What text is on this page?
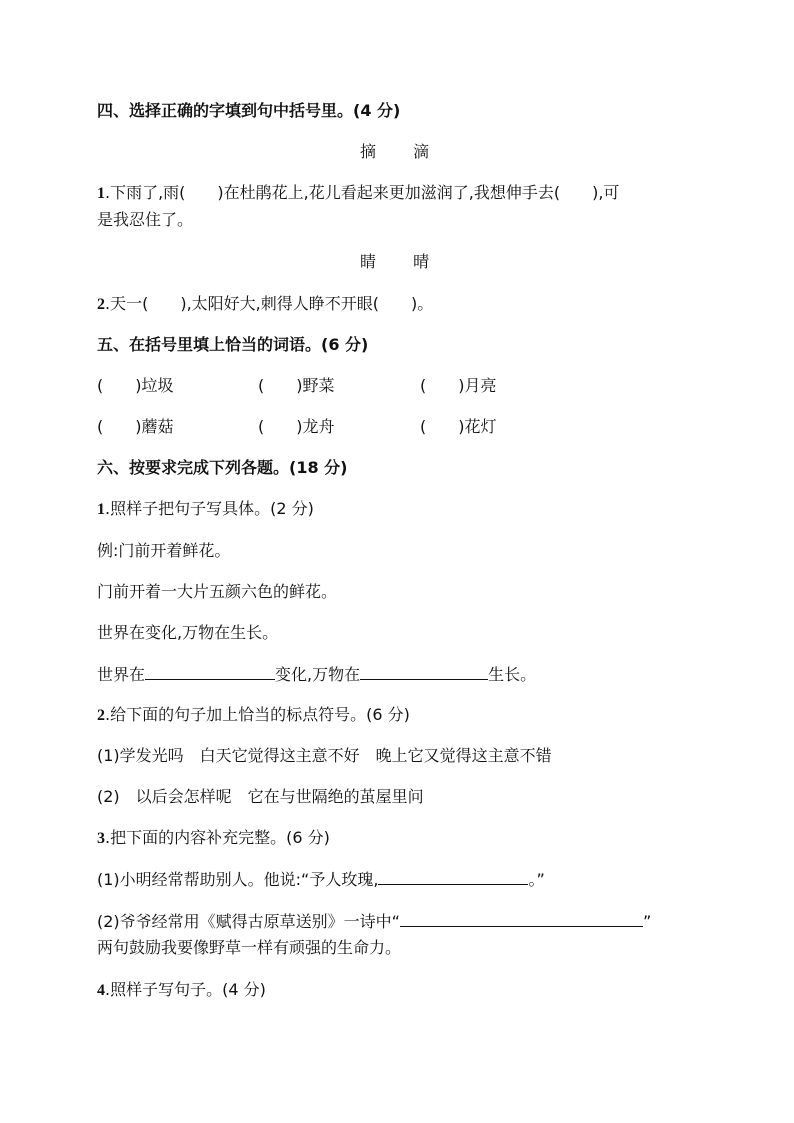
四、选择正确的字填到句中括号里。(4 分)
摘 滴
1.下雨了,雨(　　)在杜鹃花上,花儿看起来更加滋润了,我想伸手去(　　),可
是我忍住了。
睛 晴
2.天一(　　),太阳好大,刺得人睁不开眼(　　)。
五、在括号里填上恰当的词语。(6 分)
(　　)垃圾	(　　)野菜	(　　)月亮
(　　)蘑菇	(　　)龙舟	(　　)花灯
六、按要求完成下列各题。(18 分)
1.照样子把句子写具体。(2 分)
例:门前开着鲜花。
门前开着一大片五颜六色的鲜花。
世界在变化,万物在生长。
世界在	变化,万物在	生长。
2.给下面的句子加上恰当的标点符号。(6 分)
(1)学发光吗　白天它觉得这主意不好　晚上它又觉得这主意不错
(2)　以后会怎样呢　它在与世隔绝的茧屋里问
3.把下面的内容补充完整。(6 分)
(1)小明经常帮助别人。他说:“予人玫瑰,	。”
(2)爷爷经常用《赋得古原草送别》一诗中“	”
两句鼓励我要像野草一样有顽强的生命力。
4.照样子写句子。(4 分)
